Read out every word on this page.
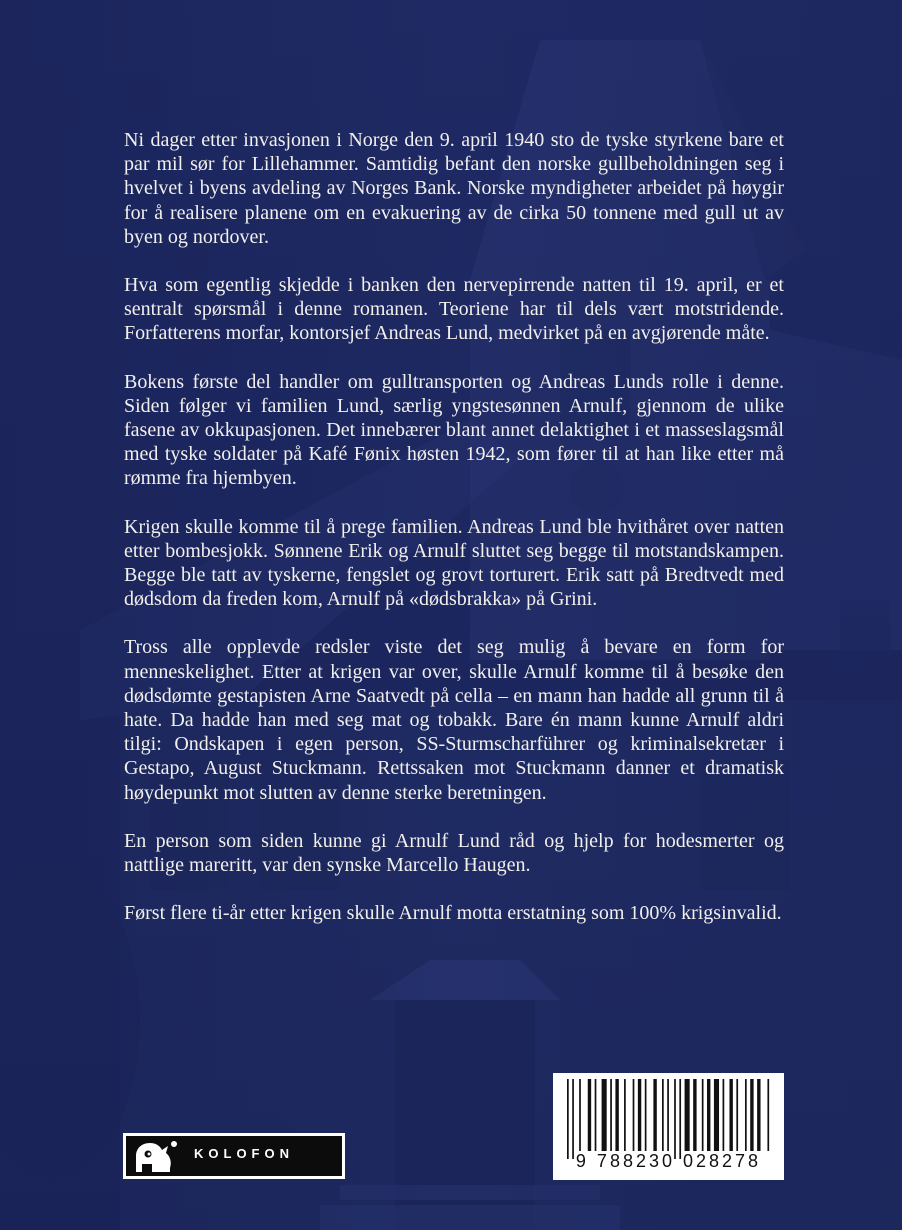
Ni dager etter invasjonen i Norge den 9. april 1940 sto de tyske styrkene bare et par mil sør for Lillehammer. Samtidig befant den norske gullbeholdningen seg i hvelvet i byens avdeling av Norges Bank. Norske myndigheter arbeidet på høygir for å realisere planene om en evakuering av de cirka 50 tonnene med gull ut av byen og nordover.

Hva som egentlig skjedde i banken den nervepirrende natten til 19. april, er et sentralt spørsmål i denne romanen. Teoriene har til dels vært motstridende. Forfatterens morfar, kontorsjef Andreas Lund, medvirket på en avgjørende måte.

Bokens første del handler om gulltransporten og Andreas Lunds rolle i denne. Siden følger vi familien Lund, særlig yngstesønnen Arnulf, gjennom de ulike fasene av okkupasjonen. Det innebærer blant annet delaktighet i et masseslagsmål med tyske soldater på Kafé Fønix høsten 1942, som fører til at han like etter må rømme fra hjembyen.

Krigen skulle komme til å prege familien. Andreas Lund ble hvithåret over natten etter bombesjokk. Sønnene Erik og Arnulf sluttet seg begge til motstandskampen. Begge ble tatt av tyskerne, fengslet og grovt torturert. Erik satt på Bredtvedt med dødsdom da freden kom, Arnulf på «dødsbrakka» på Grini.

Tross alle opplevde redsler viste det seg mulig å bevare en form for menneskelighet. Etter at krigen var over, skulle Arnulf komme til å besøke den dødsdømte gestapisten Arne Saatvedt på cella – en mann han hadde all grunn til å hate. Da hadde han med seg mat og tobakk. Bare én mann kunne Arnulf aldri tilgi: Ondskapen i egen person, SS-Sturmscharführer og kriminalsekretær i Gestapo, August Stuckmann. Rettssaken mot Stuckmann danner et dramatisk høydepunkt mot slutten av denne sterke beretningen.

En person som siden kunne gi Arnulf Lund råd og hjelp for hodesmerter og nattlige mareritt, var den synske Marcello Haugen.

Først flere ti-år etter krigen skulle Arnulf motta erstatning som 100% krigsinvalid.

KOLOFON	9 788230 028278
